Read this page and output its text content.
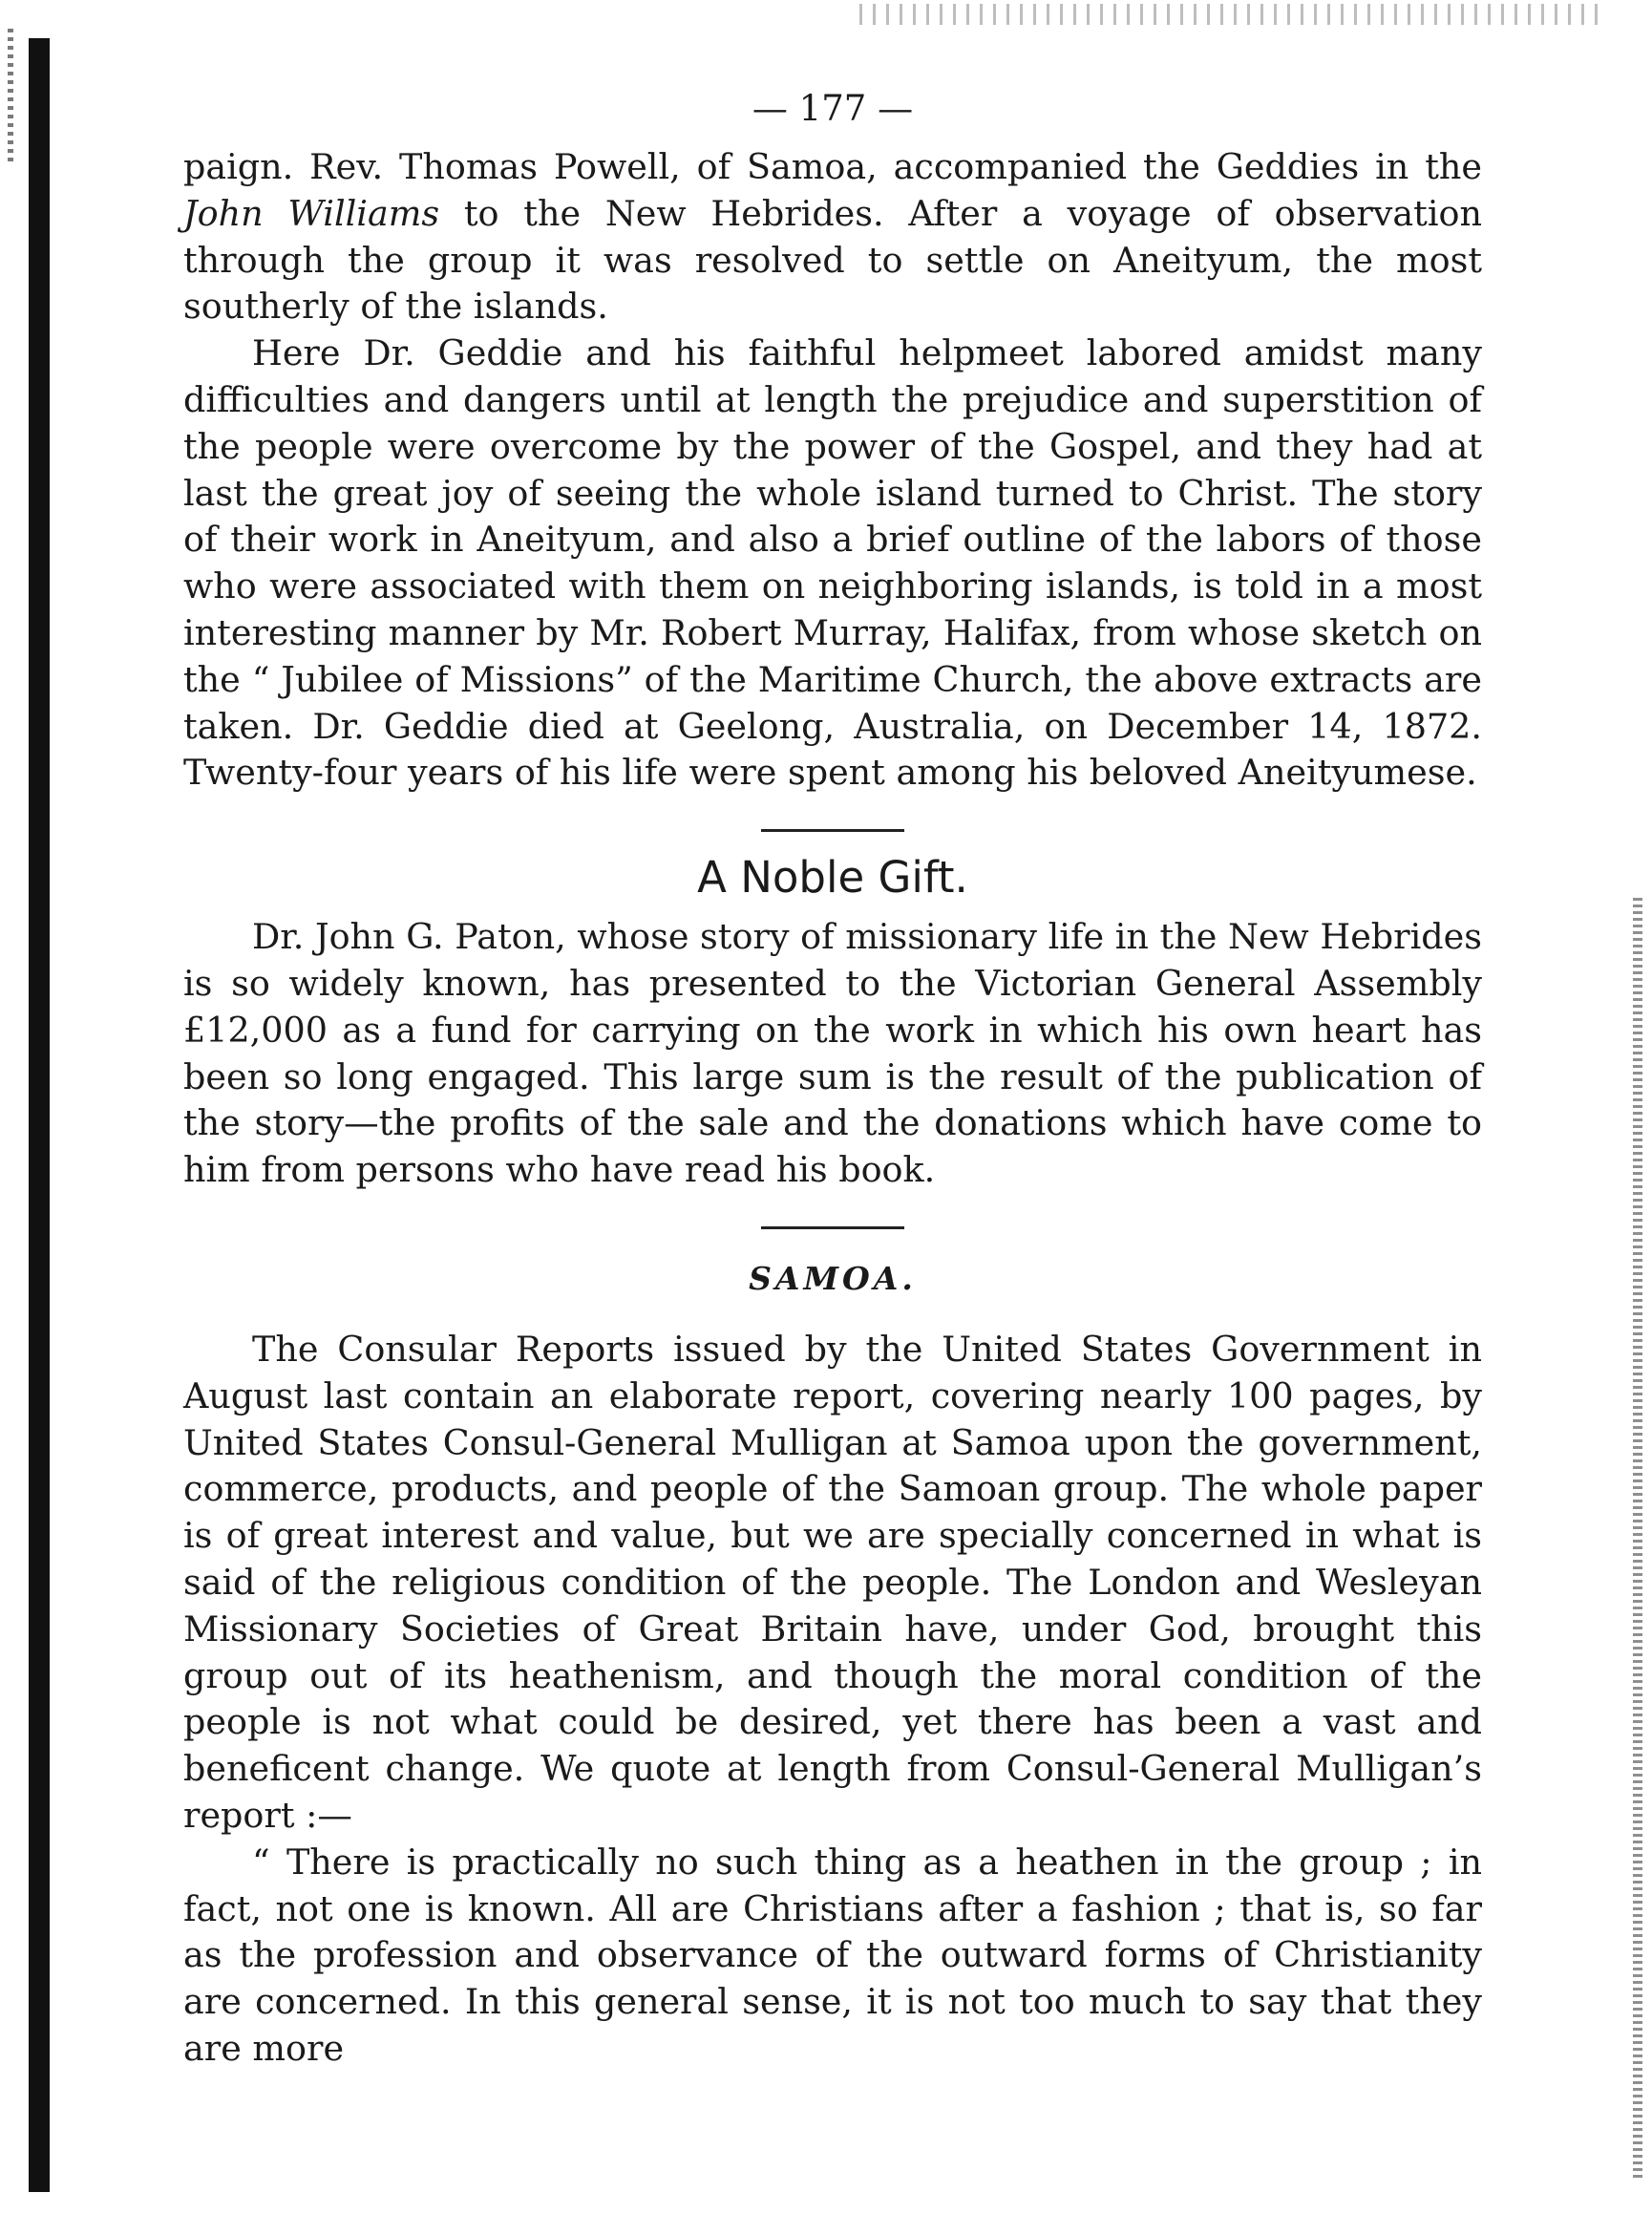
— 177 —

paign. Rev. Thomas Powell, of Samoa, accompanied the Geddies in the John Williams to the New Hebrides. After a voyage of observation through the group it was resolved to settle on Aneityum, the most southerly of the islands.

Here Dr. Geddie and his faithful helpmeet labored amidst many difficulties and dangers until at length the prejudice and superstition of the people were overcome by the power of the Gospel, and they had at last the great joy of seeing the whole island turned to Christ. The story of their work in Aneityum, and also a brief outline of the labors of those who were associated with them on neighboring islands, is told in a most interesting manner by Mr. Robert Murray, Halifax, from whose sketch on the “ Jubilee of Missions” of the Maritime Church, the above extracts are taken. Dr. Geddie died at Geelong, Australia, on December 14, 1872. Twenty-four years of his life were spent among his beloved Aneityumese.

A Noble Gift.

Dr. John G. Paton, whose story of missionary life in the New Hebrides is so widely known, has presented to the Victorian General Assembly £12,000 as a fund for carrying on the work in which his own heart has been so long engaged. This large sum is the result of the publication of the story—the profits of the sale and the donations which have come to him from persons who have read his book.

SAMOA.

The Consular Reports issued by the United States Government in August last contain an elaborate report, covering nearly 100 pages, by United States Consul-General Mulligan at Samoa upon the government, commerce, products, and people of the Samoan group. The whole paper is of great interest and value, but we are specially concerned in what is said of the religious condition of the people. The London and Wesleyan Missionary Societies of Great Britain have, under God, brought this group out of its heathenism, and though the moral condition of the people is not what could be desired, yet there has been a vast and beneficent change. We quote at length from Consul-General Mulligan’s report :—

“ There is practically no such thing as a heathen in the group ; in fact, not one is known. All are Christians after a fashion ; that is, so far as the profession and observance of the outward forms of Christianity are concerned. In this general sense, it is not too much to say that they are more
